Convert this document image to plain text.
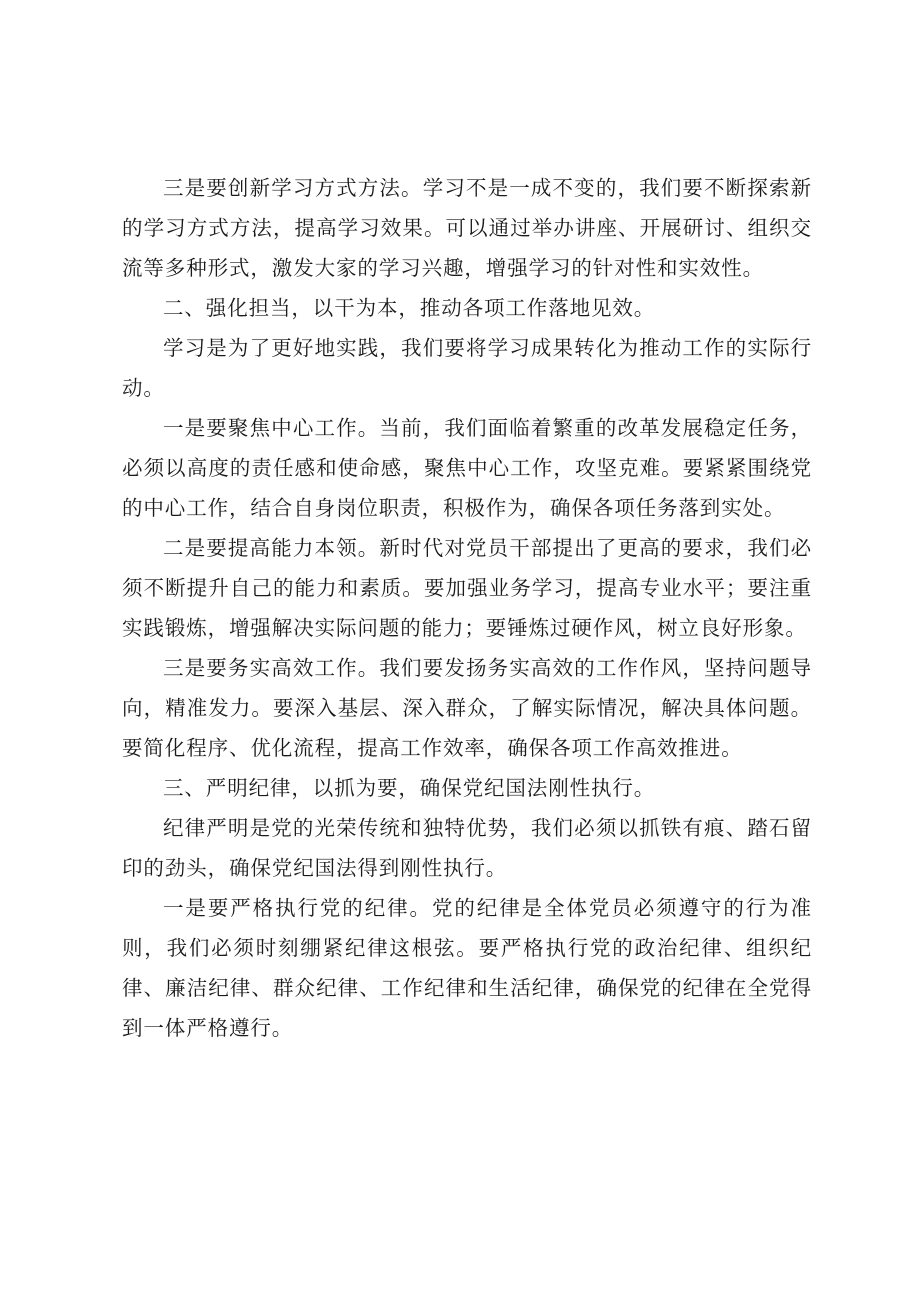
三是要创新学习方式方法。学习不是一成不变的，我们要不断探索新的学习方式方法，提高学习效果。可以通过举办讲座、开展研讨、组织交流等多种形式，激发大家的学习兴趣，增强学习的针对性和实效性。

二、强化担当，以干为本，推动各项工作落地见效。

学习是为了更好地实践，我们要将学习成果转化为推动工作的实际行动。

一是要聚焦中心工作。当前，我们面临着繁重的改革发展稳定任务，必须以高度的责任感和使命感，聚焦中心工作，攻坚克难。要紧紧围绕党的中心工作，结合自身岗位职责，积极作为，确保各项任务落到实处。

二是要提高能力本领。新时代对党员干部提出了更高的要求，我们必须不断提升自己的能力和素质。要加强业务学习，提高专业水平；要注重实践锻炼，增强解决实际问题的能力；要锤炼过硬作风，树立良好形象。

三是要务实高效工作。我们要发扬务实高效的工作作风，坚持问题导向，精准发力。要深入基层、深入群众，了解实际情况，解决具体问题。要简化程序、优化流程，提高工作效率，确保各项工作高效推进。

三、严明纪律，以抓为要，确保党纪国法刚性执行。

纪律严明是党的光荣传统和独特优势，我们必须以抓铁有痕、踏石留印的劲头，确保党纪国法得到刚性执行。

一是要严格执行党的纪律。党的纪律是全体党员必须遵守的行为准则，我们必须时刻绷紧纪律这根弦。要严格执行党的政治纪律、组织纪律、廉洁纪律、群众纪律、工作纪律和生活纪律，确保党的纪律在全党得到一体严格遵行。
